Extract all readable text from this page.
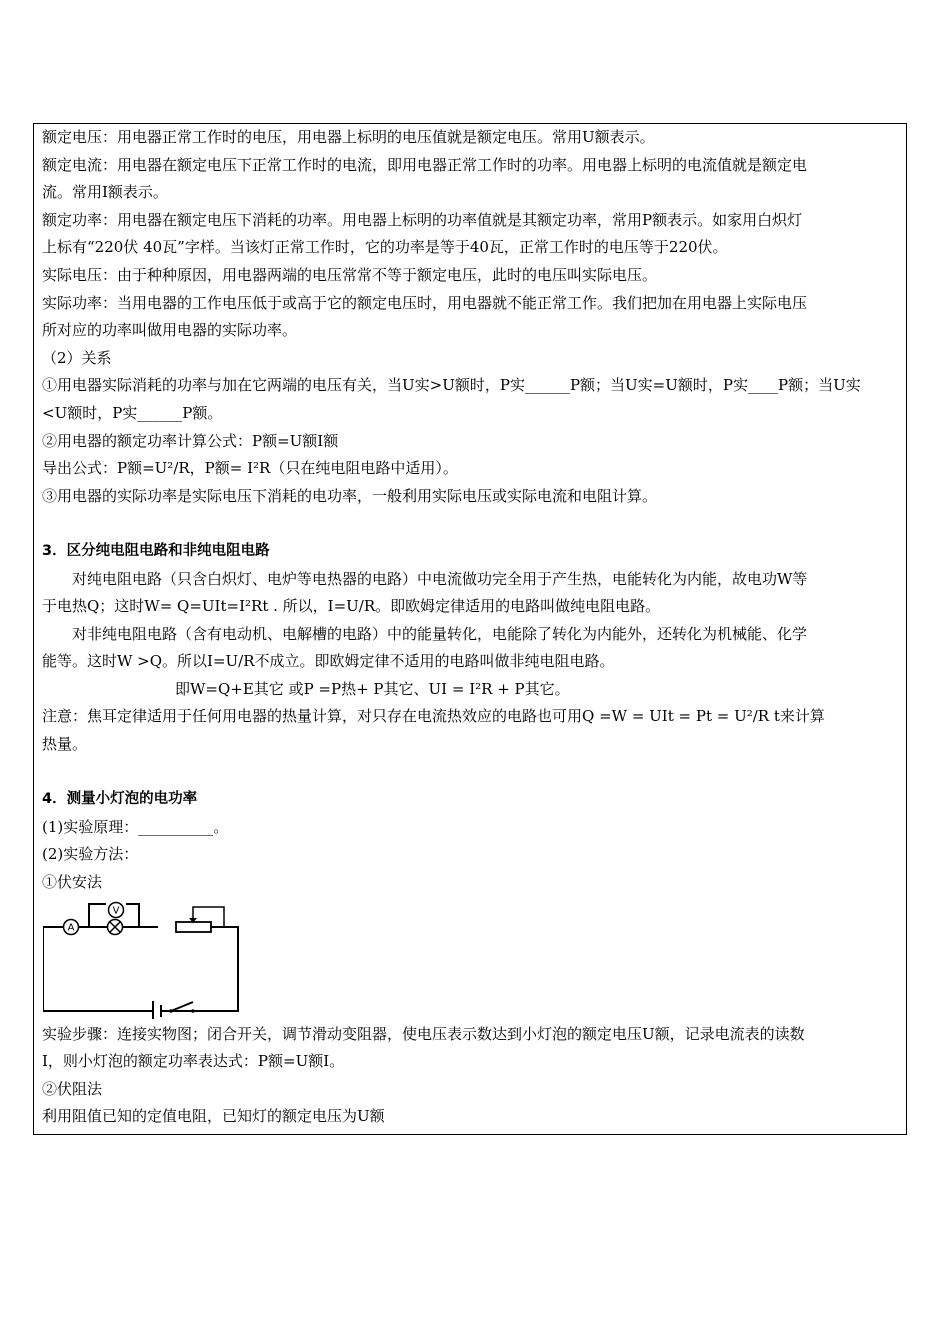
额定电压：用电器正常工作时的电压，用电器上标明的电压值就是额定电压。常用U额表示。
额定电流：用电器在额定电压下正常工作时的电流，即用电器正常工作时的功率。用电器上标明的电流值就是额定电
流。常用I额表示。
额定功率：用电器在额定电压下消耗的功率。用电器上标明的功率值就是其额定功率，常用P额表示。如家用白炽灯
上标有“220伏 40瓦”字样。当该灯正常工作时，它的功率是等于40瓦，正常工作时的电压等于220伏。
实际电压：由于种种原因，用电器两端的电压常常不等于额定电压，此时的电压叫实际电压。
实际功率：当用电器的工作电压低于或高于它的额定电压时，用电器就不能正常工作。我们把加在用电器上实际电压
所对应的功率叫做用电器的实际功率。
（2）关系
①用电器实际消耗的功率与加在它两端的电压有关，当U实>U额时，P实______P额；当U实=U额时，P实____P额；当U实
<U额时，P实______P额。
②用电器的额定功率计算公式：P额=U额I额
导出公式：P额=U²/R，P额= I²R（只在纯电阻电路中适用）。
③用电器的实际功率是实际电压下消耗的电功率，一般利用实际电压或实际电流和电阻计算。
3．区分纯电阻电路和非纯电阻电路
对纯电阻电路（只含白炽灯、电炉等电热器的电路）中电流做功完全用于产生热，电能转化为内能，故电功W等
于电热Q；这时W= Q=UIt=I²Rt . 所以，I=U/R。即欧姆定律适用的电路叫做纯电阻电路。
对非纯电阻电路（含有电动机、电解槽的电路）中的能量转化，电能除了转化为内能外，还转化为机械能、化学
能等。这时W >Q。所以I=U/R不成立。即欧姆定律不适用的电路叫做非纯电阻电路。
即W=Q+E其它 或P =P热+ P其它、UI = I²R + P其它。
注意：焦耳定律适用于任何用电器的热量计算，对只存在电流热效应的电路也可用Q =W = UIt = Pt = U²/R t来计算
热量。
4．测量小灯泡的电功率
(1)实验原理：__________。
(2)实验方法：
①伏安法
A
V
实验步骤：连接实物图；闭合开关，调节滑动变阻器，使电压表示数达到小灯泡的额定电压U额，记录电流表的读数
I，则小灯泡的额定功率表达式：P额=U额I。
②伏阻法
利用阻值已知的定值电阻，已知灯的额定电压为U额
